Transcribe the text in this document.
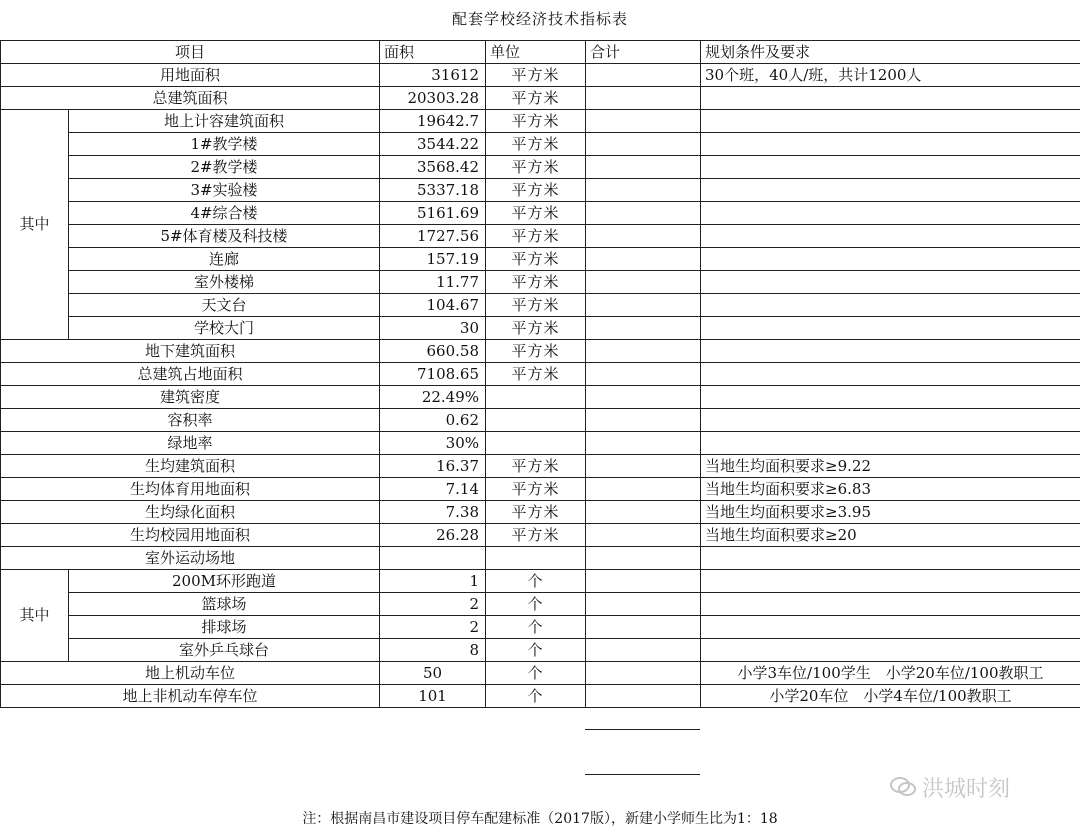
配套学校经济技术指标表
项目		面积	单位	合计	规划条件及要求
用地面积		31612	平方米		30个班，40人/班，共计1200人
总建筑面积		20303.28	平方米		
其中	地上计容建筑面积	19642.7	平方米		
	1#教学楼	3544.22	平方米		
	2#教学楼	3568.42	平方米		
	3#实验楼	5337.18	平方米		
	4#综合楼	5161.69	平方米		
	5#体育楼及科技楼	1727.56	平方米		
	连廊	157.19	平方米		
	室外楼梯	11.77	平方米		
	天文台	104.67	平方米		
	学校大门	30	平方米		
地下建筑面积		660.58	平方米		
总建筑占地面积		7108.65	平方米		
建筑密度		22.49%			
容积率		0.62			
绿地率		30%			
生均建筑面积		16.37	平方米		当地生均面积要求≥9.22
生均体育用地面积		7.14	平方米		当地生均面积要求≥6.83
生均绿化面积		7.38	平方米		当地生均面积要求≥3.95
生均校园用地面积		26.28	平方米		当地生均面积要求≥20
室外运动场地					
其中	200M环形跑道	1	个		
	篮球场	2	个		
	排球场	2	个		
	室外乒乓球台	8	个		
地上机动车位		50	个		小学3车位/100学生　小学20车位/100教职工
地上非机动车停车位		101	个		小学20车位　小学4车位/100教职工
注：根据南昌市建设项目停车配建标准（2017版），新建小学师生比为1：18
洪城时刻
